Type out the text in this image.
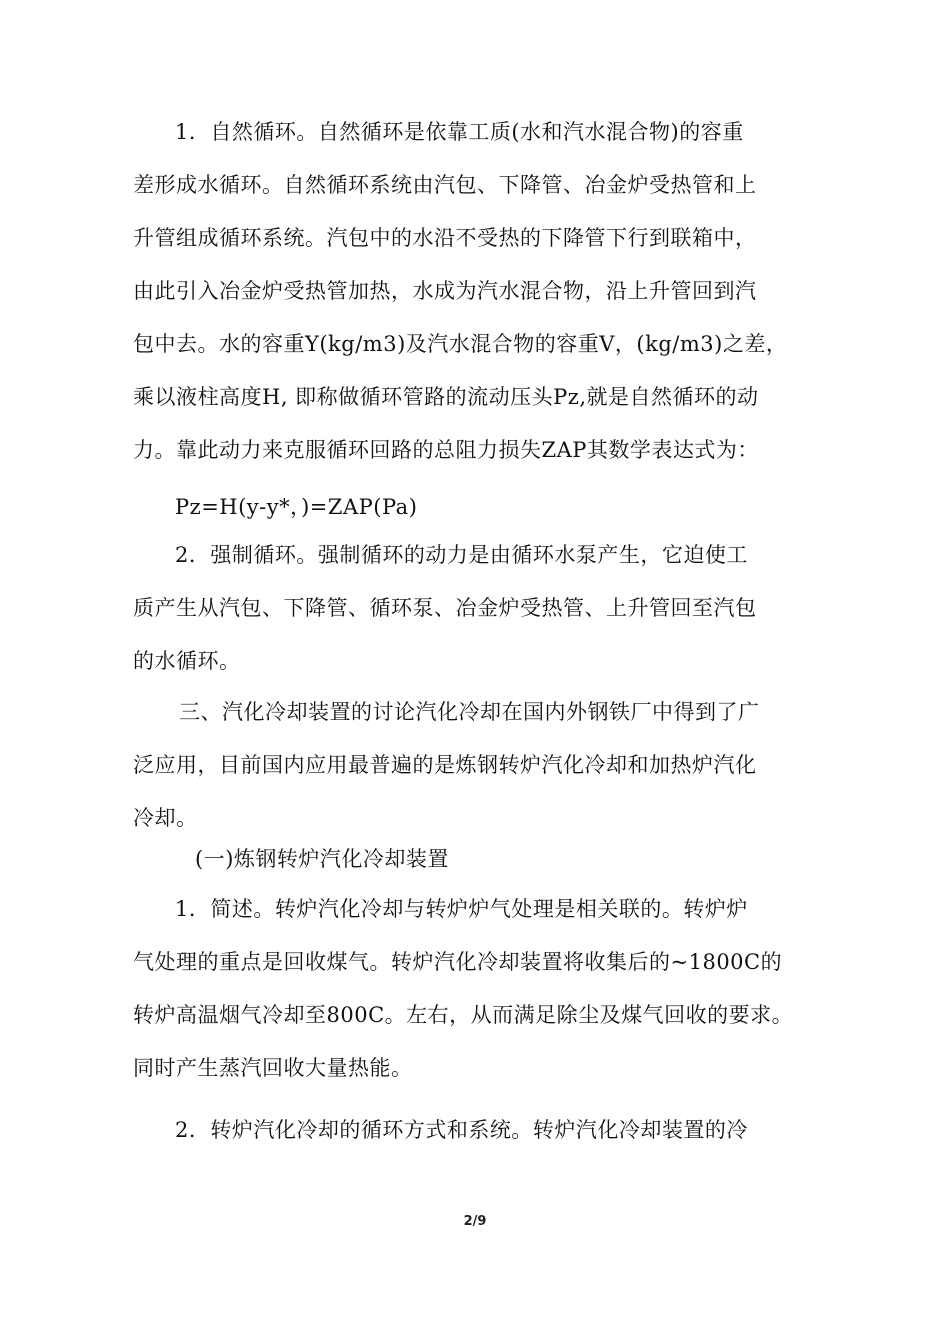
1．自然循环。自然循环是依靠工质(水和汽水混合物)的容重
差形成水循环。自然循环系统由汽包、下降管、冶金炉受热管和上
升管组成循环系统。汽包中的水沿不受热的下降管下行到联箱中，
由此引入冶金炉受热管加热，水成为汽水混合物，沿上升管回到汽
包中去。水的容重Y(kg/m3)及汽水混合物的容重V，(kg/m3)之差，
乘以液柱高度H, 即称做循环管路的流动压头Pz,就是自然循环的动
力。靠此动力来克服循环回路的总阻力损失ZAP其数学表达式为：
Pz=H(y-y*，)=ZAP(Pa)
2．强制循环。强制循环的动力是由循环水泵产生，它迫使工
质产生从汽包、下降管、循环泵、冶金炉受热管、上升管回至汽包
的水循环。
三、汽化冷却装置的讨论汽化冷却在国内外钢铁厂中得到了广
泛应用，目前国内应用最普遍的是炼钢转炉汽化冷却和加热炉汽化
冷却。
(一)炼钢转炉汽化冷却装置
1．简述。转炉汽化冷却与转炉炉气处理是相关联的。转炉炉
气处理的重点是回收煤气。转炉汽化冷却装置将收集后的~1800C的
转炉高温烟气冷却至800C。左右，从而满足除尘及煤气回收的要求。
同时产生蒸汽回收大量热能。
2．转炉汽化冷却的循环方式和系统。转炉汽化冷却装置的冷
2/9
